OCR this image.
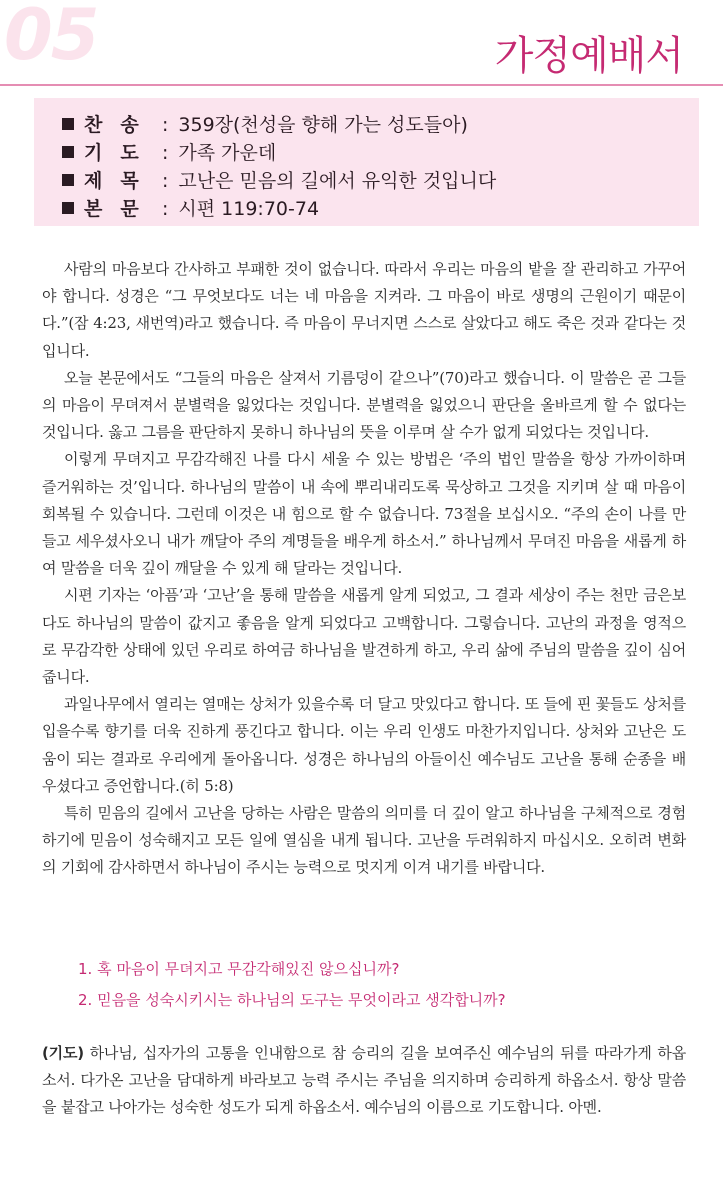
05	가정예배서
찬송 : 359장(천성을 향해 가는 성도들아)
기도 : 가족 가운데
제목 : 고난은 믿음의 길에서 유익한 것입니다
본문 : 시편 119:70-74

사람의 마음보다 간사하고 부패한 것이 없습니다. 따라서 우리는 마음의 밭을 잘 관리하고 가꾸어야 합니다. 성경은 “그 무엇보다도 너는 네 마음을 지켜라. 그 마음이 바로 생명의 근원이기 때문이다.”(잠 4:23, 새번역)라고 했습니다. 즉 마음이 무너지면 스스로 살았다고 해도 죽은 것과 같다는 것입니다.

오늘 본문에서도 “그들의 마음은 살져서 기름덩이 같으나”(70)라고 했습니다. 이 말씀은 곧 그들의 마음이 무뎌져서 분별력을 잃었다는 것입니다. 분별력을 잃었으니 판단을 올바르게 할 수 없다는 것입니다. 옳고 그름을 판단하지 못하니 하나님의 뜻을 이루며 살 수가 없게 되었다는 것입니다.

이렇게 무뎌지고 무감각해진 나를 다시 세울 수 있는 방법은 ‘주의 법인 말씀을 항상 가까이하며 즐거워하는 것’입니다. 하나님의 말씀이 내 속에 뿌리내리도록 묵상하고 그것을 지키며 살 때 마음이 회복될 수 있습니다. 그런데 이것은 내 힘으로 할 수 없습니다. 73절을 보십시오. “주의 손이 나를 만들고 세우셨사오니 내가 깨달아 주의 계명들을 배우게 하소서.” 하나님께서 무뎌진 마음을 새롭게 하여 말씀을 더욱 깊이 깨달을 수 있게 해 달라는 것입니다.

시편 기자는 ‘아픔’과 ‘고난’을 통해 말씀을 새롭게 알게 되었고, 그 결과 세상이 주는 천만 금은보다도 하나님의 말씀이 값지고 좋음을 알게 되었다고 고백합니다. 그렇습니다. 고난의 과정을 영적으로 무감각한 상태에 있던 우리로 하여금 하나님을 발견하게 하고, 우리 삶에 주님의 말씀을 깊이 심어 줍니다.

과일나무에서 열리는 열매는 상처가 있을수록 더 달고 맛있다고 합니다. 또 들에 핀 꽃들도 상처를 입을수록 향기를 더욱 진하게 풍긴다고 합니다. 이는 우리 인생도 마찬가지입니다. 상처와 고난은 도움이 되는 결과로 우리에게 돌아옵니다. 성경은 하나님의 아들이신 예수님도 고난을 통해 순종을 배우셨다고 증언합니다.(히 5:8)

특히 믿음의 길에서 고난을 당하는 사람은 말씀의 의미를 더 깊이 알고 하나님을 구체적으로 경험하기에 믿음이 성숙해지고 모든 일에 열심을 내게 됩니다. 고난을 두려워하지 마십시오. 오히려 변화의 기회에 감사하면서 하나님이 주시는 능력으로 멋지게 이겨 내기를 바랍니다.

1. 혹 마음이 무뎌지고 무감각해있진 않으십니까?
2. 믿음을 성숙시키시는 하나님의 도구는 무엇이라고 생각합니까?
(기도) 하나님, 십자가의 고통을 인내함으로 참 승리의 길을 보여주신 예수님의 뒤를 따라가게 하옵소서. 다가온 고난을 담대하게 바라보고 능력 주시는 주님을 의지하며 승리하게 하옵소서. 항상 말씀을 붙잡고 나아가는 성숙한 성도가 되게 하옵소서. 예수님의 이름으로 기도합니다. 아멘.
